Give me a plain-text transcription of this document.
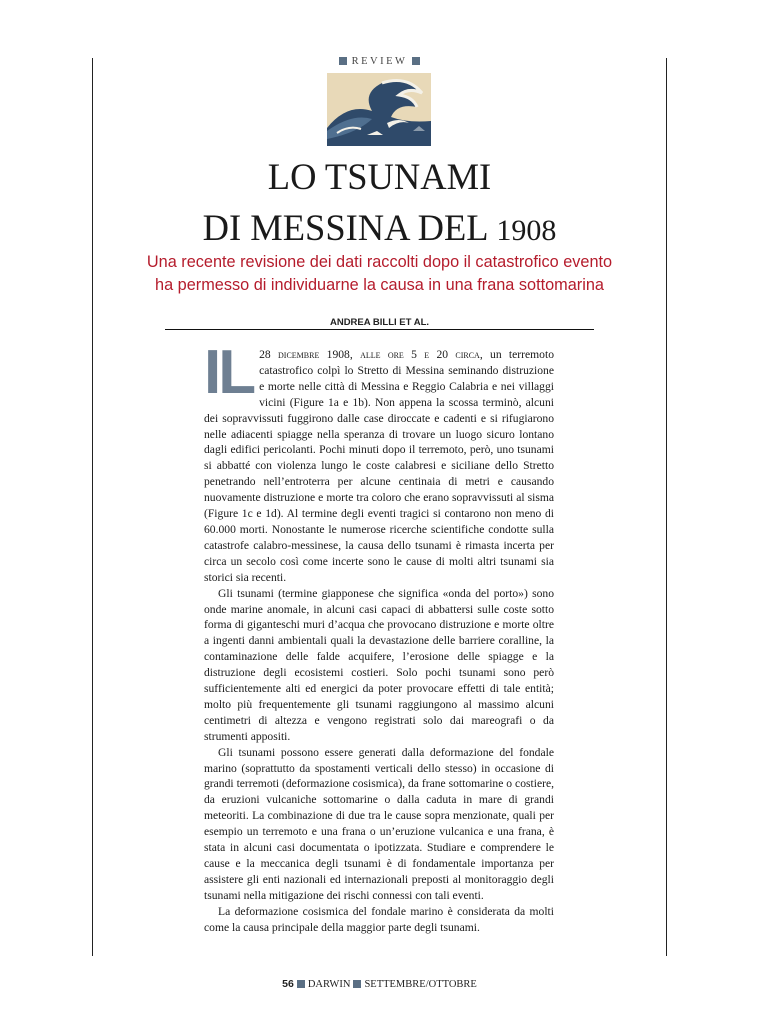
REVIEW
LO TSUNAMI
DI MESSINA DEL 1908
Una recente revisione dei dati raccolti dopo il catastrofico evento
ha permesso di individuarne la causa in una frana sottomarina
ANDREA BILLI ET AL.

IL 28 dicembre 1908, alle ore 5 e 20 circa, un terremoto catastrofico colpì lo Stretto di Messina seminando distruzione e morte nelle città di Messina e Reggio Calabria e nei villaggi vicini (Figure 1a e 1b). Non appena la scossa terminò, alcuni dei sopravvissuti fuggirono dalle case diroccate e cadenti e si rifugiarono nelle adiacenti spiagge nella speranza di trovare un luogo sicuro lontano dagli edifici pericolanti. Pochi minuti dopo il terremoto, però, uno tsunami si abbatté con violenza lungo le coste calabresi e siciliane dello Stretto penetrando nell’entroterra per alcune centinaia di metri e causando nuovamente distruzione e morte tra coloro che erano sopravvissuti al sisma (Figure 1c e 1d). Al termine degli eventi tragici si contarono non meno di 60.000 morti. Nonostante le numerose ricerche scientifiche condotte sulla catastrofe calabro-messinese, la causa dello tsunami è rimasta incerta per circa un secolo così come incerte sono le cause di molti altri tsunami sia storici sia recenti.

Gli tsunami (termine giapponese che significa «onda del porto») sono onde marine anomale, in alcuni casi capaci di abbattersi sulle coste sotto forma di giganteschi muri d’acqua che provocano distruzione e morte oltre a ingenti danni ambientali quali la devastazione delle barriere coralline, la contaminazione delle falde acquifere, l’erosione delle spiagge e la distruzione degli ecosistemi costieri. Solo pochi tsunami sono però sufficientemente alti ed energici da poter provocare effetti di tale entità; molto più frequentemente gli tsunami raggiungono al massimo alcuni centimetri di altezza e vengono registrati solo dai mareografi o da strumenti appositi.

Gli tsunami possono essere generati dalla deformazione del fondale marino (soprattutto da spostamenti verticali dello stesso) in occasione di grandi terremoti (deformazione cosismica), da frane sottomarine o costiere, da eruzioni vulcaniche sottomarine o dalla caduta in mare di grandi meteoriti. La combinazione di due tra le cause sopra menzionate, quali per esempio un terremoto e una frana o un’eruzione vulcanica e una frana, è stata in alcuni casi documentata o ipotizzata. Studiare e comprendere le cause e la meccanica degli tsunami è di fondamentale importanza per assistere gli enti nazionali ed internazionali preposti al monitoraggio degli tsunami nella mitigazione dei rischi connessi con tali eventi.

La deformazione cosismica del fondale marino è considerata da molti come la causa principale della maggior parte degli tsunami.

56 DARWIN SETTEMBRE/OTTOBRE
